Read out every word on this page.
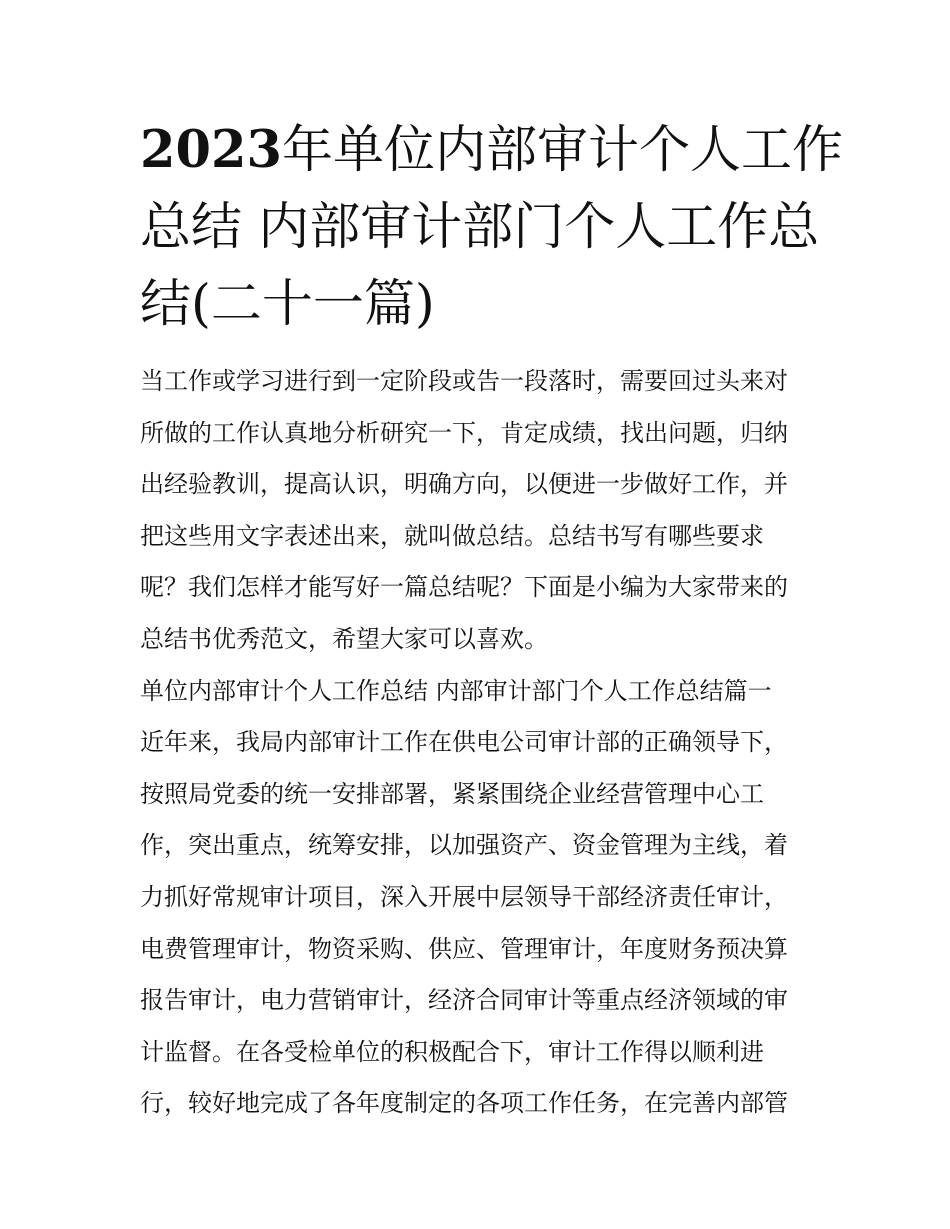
2023年单位内部审计个人工作
总结 内部审计部门个人工作总
结(二十一篇)
当工作或学习进行到一定阶段或告一段落时，需要回过头来对
所做的工作认真地分析研究一下，肯定成绩，找出问题，归纳
出经验教训，提高认识，明确方向，以便进一步做好工作，并
把这些用文字表述出来，就叫做总结。总结书写有哪些要求
呢？我们怎样才能写好一篇总结呢？下面是小编为大家带来的
总结书优秀范文，希望大家可以喜欢。
单位内部审计个人工作总结 内部审计部门个人工作总结篇一
近年来，我局内部审计工作在供电公司审计部的正确领导下，
按照局党委的统一安排部署，紧紧围绕企业经营管理中心工
作，突出重点，统筹安排，以加强资产、资金管理为主线，着
力抓好常规审计项目，深入开展中层领导干部经济责任审计，
电费管理审计，物资采购、供应、管理审计，年度财务预决算
报告审计，电力营销审计，经济合同审计等重点经济领域的审
计监督。在各受检单位的积极配合下，审计工作得以顺利进
行，较好地完成了各年度制定的各项工作任务，在完善内部管
